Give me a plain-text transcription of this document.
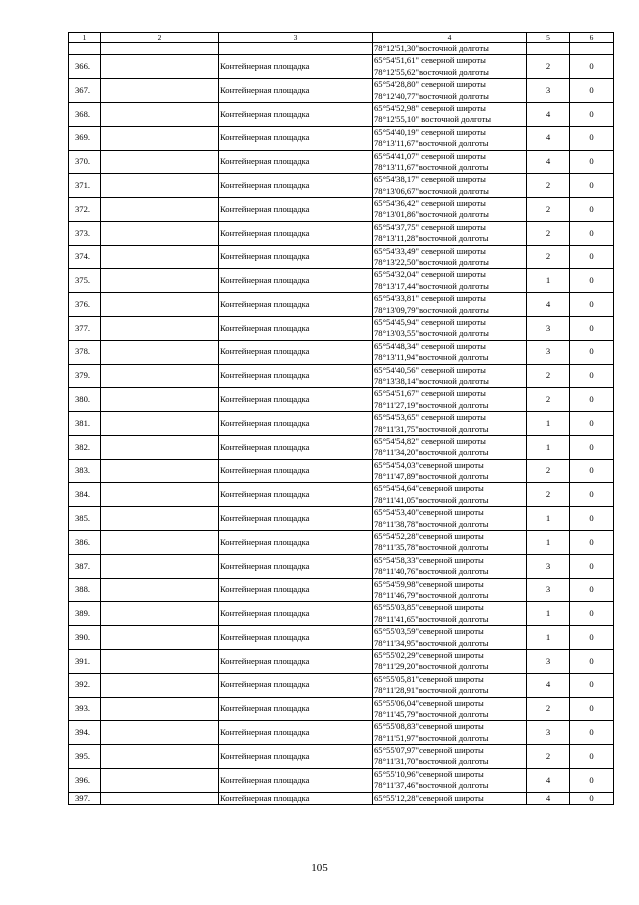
1	2	3	4	5	6
			78°12'51,30"восточной долготы		
366.		Контейнерная площадка	65°54'51,61" северной широты
78°12'55,62"восточной долготы	2	0
367.		Контейнерная площадка	65°54'28,80" северной широты
78°12'40,77"восточной долготы	3	0
368.		Контейнерная площадка	65°54'52,98" северной широты
78°12'55,10" восточной долготы	4	0
369.		Контейнерная площадка	65°54'40,19" северной широты
78°13'11,67"восточной долготы	4	0
370.		Контейнерная площадка	65°54'41,07" северной широты
78°13'11,67"восточной долготы	4	0
371.		Контейнерная площадка	65°54'38,17" северной широты
78°13'06,67"восточной долготы	2	0
372.		Контейнерная площадка	65°54'36,42" северной широты
78°13'01,86"восточной долготы	2	0
373.		Контейнерная площадка	65°54'37,75" северной широты
78°13'11,28"восточной долготы	2	0
374.		Контейнерная площадка	65°54'33,49" северной широты
78°13'22,50"восточной долготы	2	0
375.		Контейнерная площадка	65°54'32,04" северной широты
78°13'17,44"восточной долготы	1	0
376.		Контейнерная площадка	65°54'33,81" северной широты
78°13'09,79"восточной долготы	4	0
377.		Контейнерная площадка	65°54'45,94" северной широты
78°13'03,55"восточной долготы	3	0
378.		Контейнерная площадка	65°54'48,34" северной широты
78°13'11,94"восточной долготы	3	0
379.		Контейнерная площадка	65°54'40,56" северной широты
78°13'38,14"восточной долготы	2	0
380.		Контейнерная площадка	65°54'51,67" северной широты
78°11'27,19"восточной долготы	2	0
381.		Контейнерная площадка	65°54'53,65" северной широты
78°11'31,75"восточной долготы	1	0
382.		Контейнерная площадка	65°54'54,82" северной широты
78°11'34,20"восточной долготы	1	0
383.		Контейнерная площадка	65°54'54,03"северной широты
78°11'47,89"восточной долготы	2	0
384.		Контейнерная площадка	65°54'54,64"северной широты
78°11'41,05"восточной долготы	2	0
385.		Контейнерная площадка	65°54'53,40"северной широты
78°11'38,78"восточной долготы	1	0
386.		Контейнерная площадка	65°54'52,28"северной широты
78°11'35,78"восточной долготы	1	0
387.		Контейнерная площадка	65°54'58,33"северной широты
78°11'40,76"восточной долготы	3	0
388.		Контейнерная площадка	65°54'59,98"северной широты
78°11'46,79"восточной долготы	3	0
389.		Контейнерная площадка	65°55'03,85"северной широты
78°11'41,65"восточной долготы	1	0
390.		Контейнерная площадка	65°55'03,59"северной широты
78°11'34,95"восточной долготы	1	0
391.		Контейнерная площадка	65°55'02,29"северной широты
78°11'29,20"восточной долготы	3	0
392.		Контейнерная площадка	65°55'05,81"северной широты
78°11'28,91"восточной долготы	4	0
393.		Контейнерная площадка	65°55'06,04"северной широты
78°11'45,79"восточной долготы	2	0
394.		Контейнерная площадка	65°55'08,83"северной широты
78°11'51,97"восточной долготы	3	0
395.		Контейнерная площадка	65°55'07,97"северной широты
78°11'31,70"восточной долготы	2	0
396.		Контейнерная площадка	65°55'10,96"северной широты
78°11'37,46"восточной долготы	4	0
397.		Контейнерная площадка	65°55'12,28"северной широты	4	0
105
